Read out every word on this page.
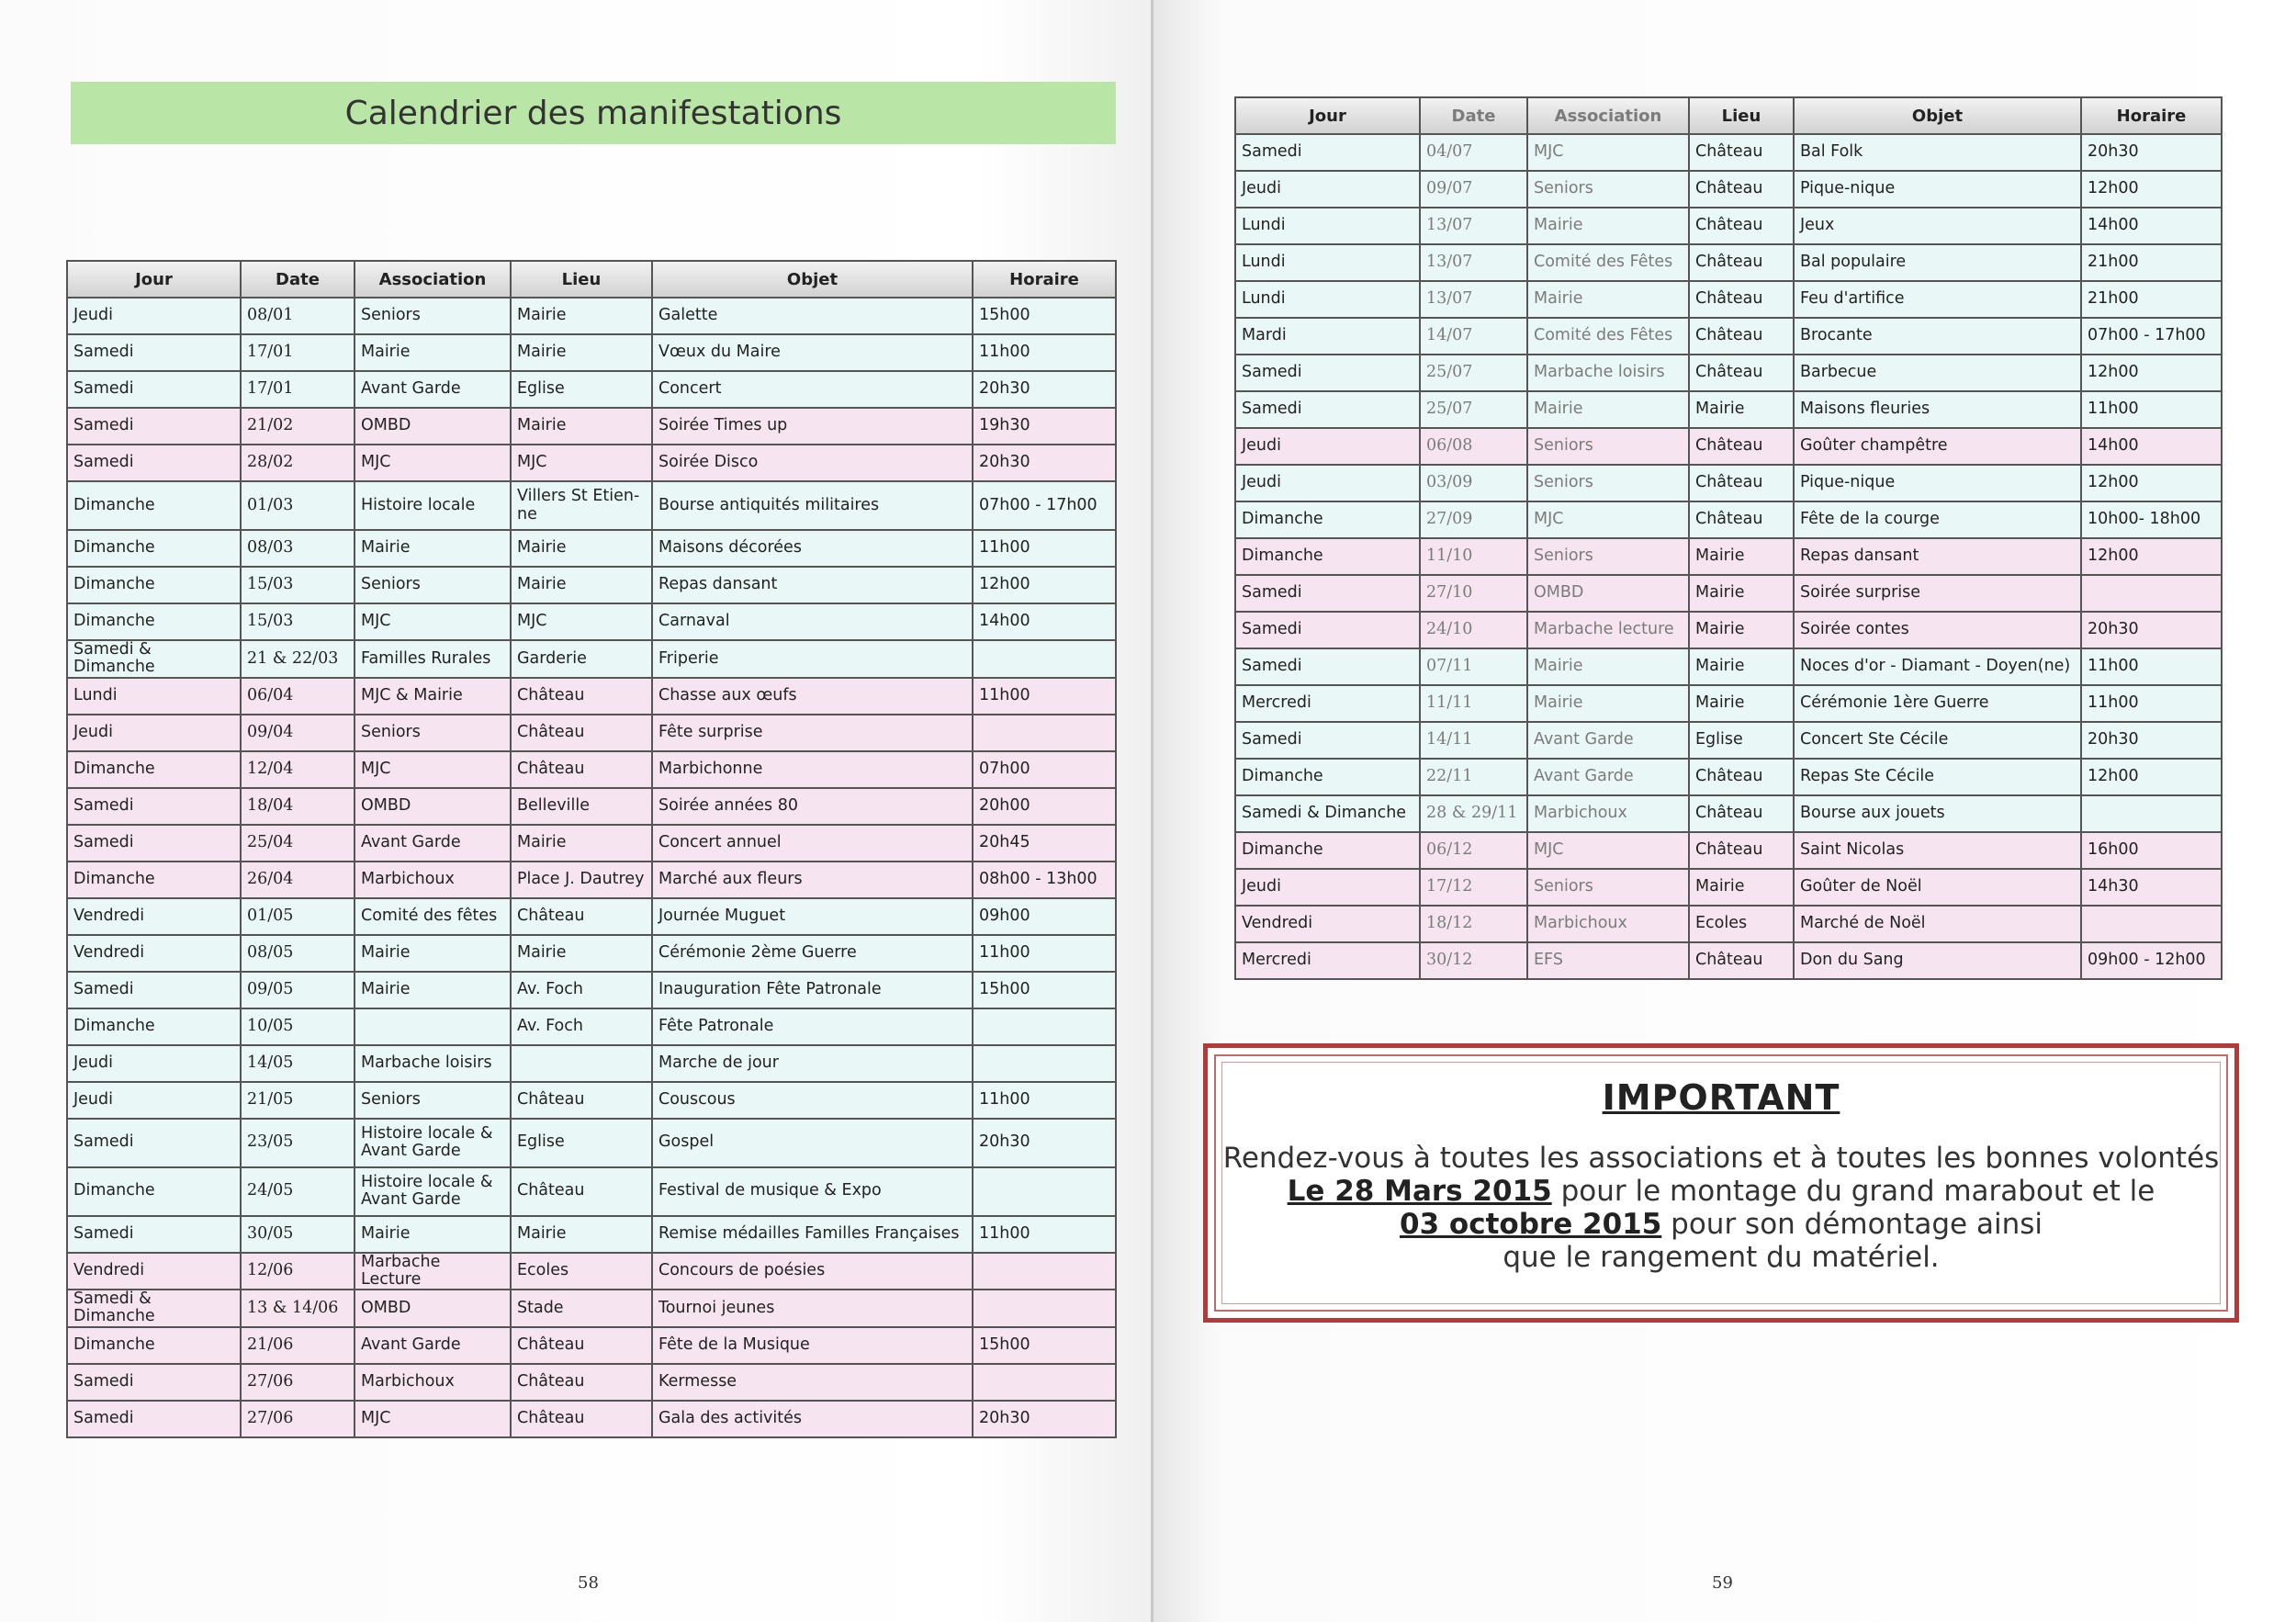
Calendrier des manifestations
Jour	Date	Association	Lieu	Objet	Horaire
Jeudi	08/01	Seniors	Mairie	Galette	15h00
Samedi	17/01	Mairie	Mairie	Vœux du Maire	11h00
Samedi	17/01	Avant Garde	Eglise	Concert	20h30
Samedi	21/02	OMBD	Mairie	Soirée Times up	19h30
Samedi	28/02	MJC	MJC	Soirée Disco	20h30
Dimanche	01/03	Histoire locale	Villers St Etien-ne	Bourse antiquités militaires	07h00 - 17h00
Dimanche	08/03	Mairie	Mairie	Maisons décorées	11h00
Dimanche	15/03	Seniors	Mairie	Repas dansant	12h00
Dimanche	15/03	MJC	MJC	Carnaval	14h00
Samedi & Dimanche	21 & 22/03	Familles Rurales	Garderie	Friperie	
Lundi	06/04	MJC & Mairie	Château	Chasse aux œufs	11h00
Jeudi	09/04	Seniors	Château	Fête surprise	
Dimanche	12/04	MJC	Château	Marbichonne	07h00
Samedi	18/04	OMBD	Belleville	Soirée années 80	20h00
Samedi	25/04	Avant Garde	Mairie	Concert annuel	20h45
Dimanche	26/04	Marbichoux	Place J. Dautrey	Marché aux fleurs	08h00 - 13h00
Vendredi	01/05	Comité des fêtes	Château	Journée Muguet	09h00
Vendredi	08/05	Mairie	Mairie	Cérémonie 2ème Guerre	11h00
Samedi	09/05	Mairie	Av. Foch	Inauguration Fête Patronale	15h00
Dimanche	10/05		Av. Foch	Fête Patronale	
Jeudi	14/05	Marbache loisirs		Marche de jour	
Jeudi	21/05	Seniors	Château	Couscous	11h00
Samedi	23/05	Histoire locale & Avant Garde	Eglise	Gospel	20h30
Dimanche	24/05	Histoire locale & Avant Garde	Château	Festival de musique & Expo	
Samedi	30/05	Mairie	Mairie	Remise médailles Familles Françaises	11h00
Vendredi	12/06	Marbache Lecture	Ecoles	Concours de poésies	
Samedi & Dimanche	13 & 14/06	OMBD	Stade	Tournoi jeunes	
Dimanche	21/06	Avant Garde	Château	Fête de la Musique	15h00
Samedi	27/06	Marbichoux	Château	Kermesse	
Samedi	27/06	MJC	Château	Gala des activités	20h30
58	59
Jour	Date	Association	Lieu	Objet	Horaire
Samedi	04/07	MJC	Château	Bal Folk	20h30
Jeudi	09/07	Seniors	Château	Pique-nique	12h00
Lundi	13/07	Mairie	Château	Jeux	14h00
Lundi	13/07	Comité des Fêtes	Château	Bal populaire	21h00
Lundi	13/07	Mairie	Château	Feu d'artifice	21h00
Mardi	14/07	Comité des Fêtes	Château	Brocante	07h00 - 17h00
Samedi	25/07	Marbache loisirs	Château	Barbecue	12h00
Samedi	25/07	Mairie	Mairie	Maisons fleuries	11h00
Jeudi	06/08	Seniors	Château	Goûter champêtre	14h00
Jeudi	03/09	Seniors	Château	Pique-nique	12h00
Dimanche	27/09	MJC	Château	Fête de la courge	10h00- 18h00
Dimanche	11/10	Seniors	Mairie	Repas dansant	12h00
Samedi	27/10	OMBD	Mairie	Soirée surprise	
Samedi	24/10	Marbache lecture	Mairie	Soirée contes	20h30
Samedi	07/11	Mairie	Mairie	Noces d'or - Diamant - Doyen(ne)	11h00
Mercredi	11/11	Mairie	Mairie	Cérémonie 1ère Guerre	11h00
Samedi	14/11	Avant Garde	Eglise	Concert Ste Cécile	20h30
Dimanche	22/11	Avant Garde	Château	Repas Ste Cécile	12h00
Samedi & Dimanche	28 & 29/11	Marbichoux	Château	Bourse aux jouets	
Dimanche	06/12	MJC	Château	Saint Nicolas	16h00
Jeudi	17/12	Seniors	Mairie	Goûter de Noël	14h30
Vendredi	18/12	Marbichoux	Ecoles	Marché de Noël	
Mercredi	30/12	EFS	Château	Don du Sang	09h00 - 12h00
IMPORTANT
Rendez-vous à toutes les associations et à toutes les bonnes volontés
Le 28 Mars 2015 pour le montage du grand marabout et le
03 octobre 2015 pour son démontage ainsi
que le rangement du matériel.
